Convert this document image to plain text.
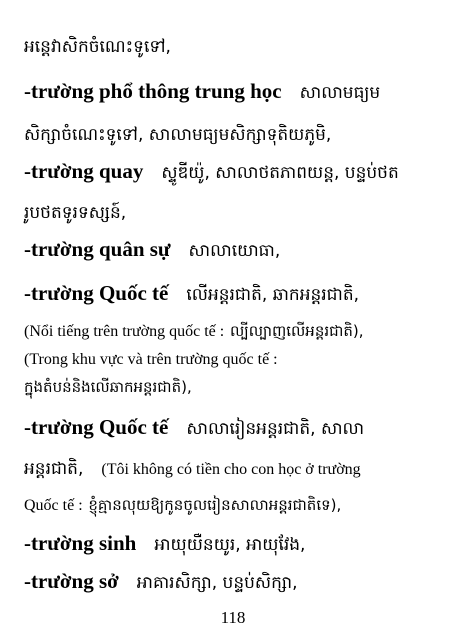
អន្តេវាសិកចំណេះទូទៅ,
-trường phổ thông trung học សាលាមធ្យម
សិក្សាចំណេះទូទៅ, សាលាមធ្យមសិក្សាទុតិយភូមិ,
-trường quay ស្ទូឌីយ៉ូ, សាលាថតភាពយន្ត, បន្ទប់ថត
រូបថតទូរទស្សន៍,
-trường quân sự សាលាយោធា,
-trường Quốc tế លើអន្តរជាតិ, ឆាកអន្តរជាតិ,
(Nổi tiếng trên trường quốc tế : ល្បីល្បាញលើអន្តរជាតិ),
(Trong khu vực và trên trường quốc tế :
ក្នុងតំបន់និងលើឆាកអន្តរជាតិ),
-trường Quốc tế សាលារៀនអន្តរជាតិ, សាលា
អន្តរជាតិ, (Tôi không có tiền cho con học ở trường
Quốc tế : ខ្ញុំគ្មានលុយឱ្យកូនចូលរៀនសាលាអន្តរជាតិទេ),
-trường sinh អាយុយឺនយូរ, អាយុវែង,
-trường sở អាគារសិក្សា, បន្ទប់សិក្សា,
118
